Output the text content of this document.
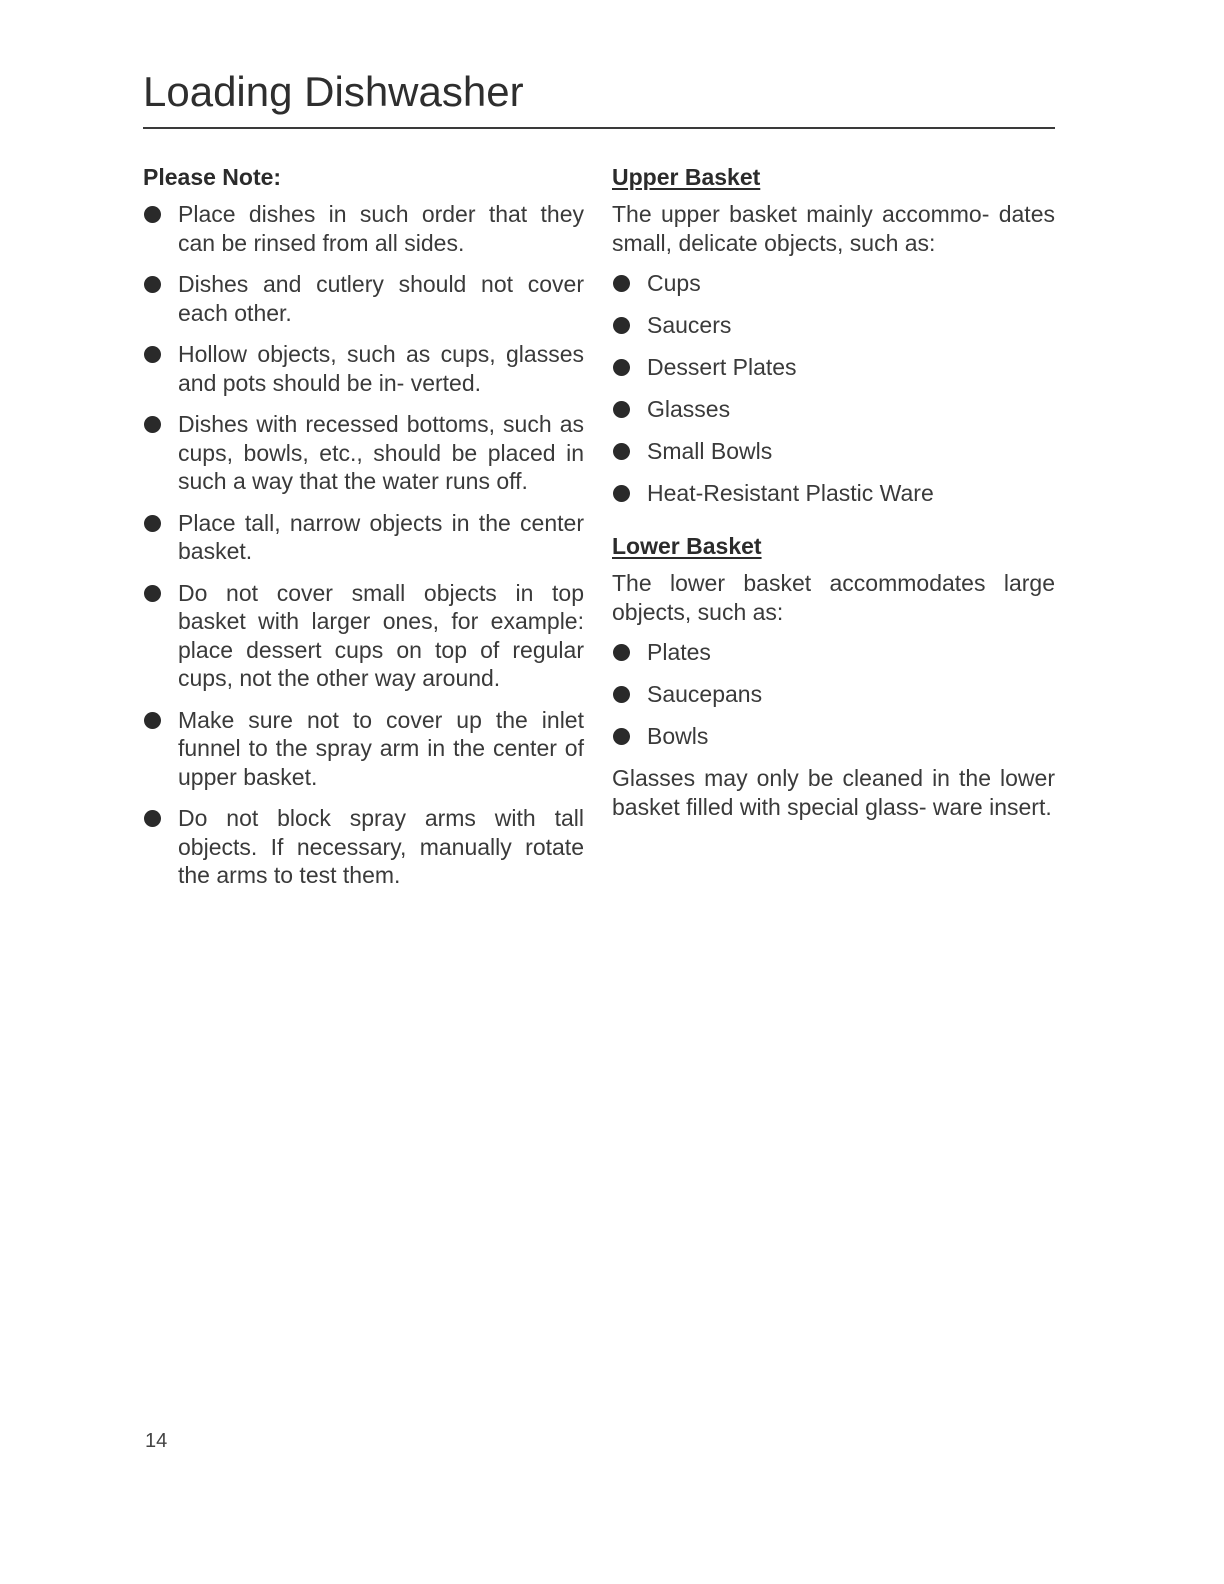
Loading Dishwasher
Please Note:
Place dishes in such order that they can be rinsed from all sides.
Dishes and cutlery should not cover each other.
Hollow objects, such as cups, glasses and pots should be in- verted.
Dishes with recessed bottoms, such as cups, bowls, etc., should be placed in such a way that the water runs off.
Place tall, narrow objects in the center basket.
Do not cover small objects in top basket with larger ones, for example: place dessert cups on top of regular cups, not the other way around.
Make sure not to cover up the inlet funnel to the spray arm in the center of upper basket.
Do not block spray arms with tall objects. If necessary, manually rotate the arms to test them.
Upper Basket

The upper basket mainly accommo- dates small, delicate objects, such as:

Cups
Saucers
Dessert Plates
Glasses
Small Bowls
Heat-Resistant Plastic Ware
Lower Basket

The lower basket accommodates large objects, such as:

Plates
Saucepans
Bowls

Glasses may only be cleaned in the lower basket filled with special glass- ware insert.

14
